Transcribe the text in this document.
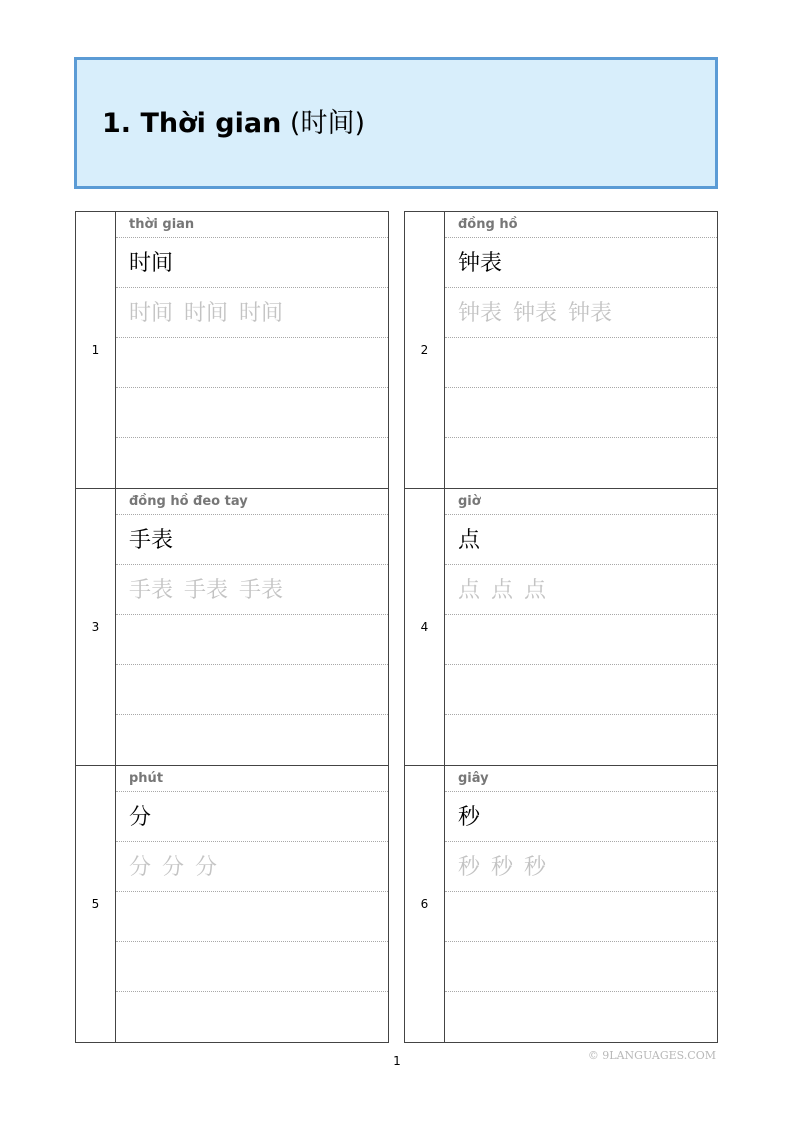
1. Thời gian (时间)
1
thời gian
时间
时间 时间 时间
2
đồng hồ
钟表
钟表 钟表 钟表
3
đồng hồ đeo tay
手表
手表 手表 手表
4
giờ
点
点 点 点
5
phút
分
分 分 分
6
giây
秒
秒 秒 秒
1	© 9LANGUAGES.COM
